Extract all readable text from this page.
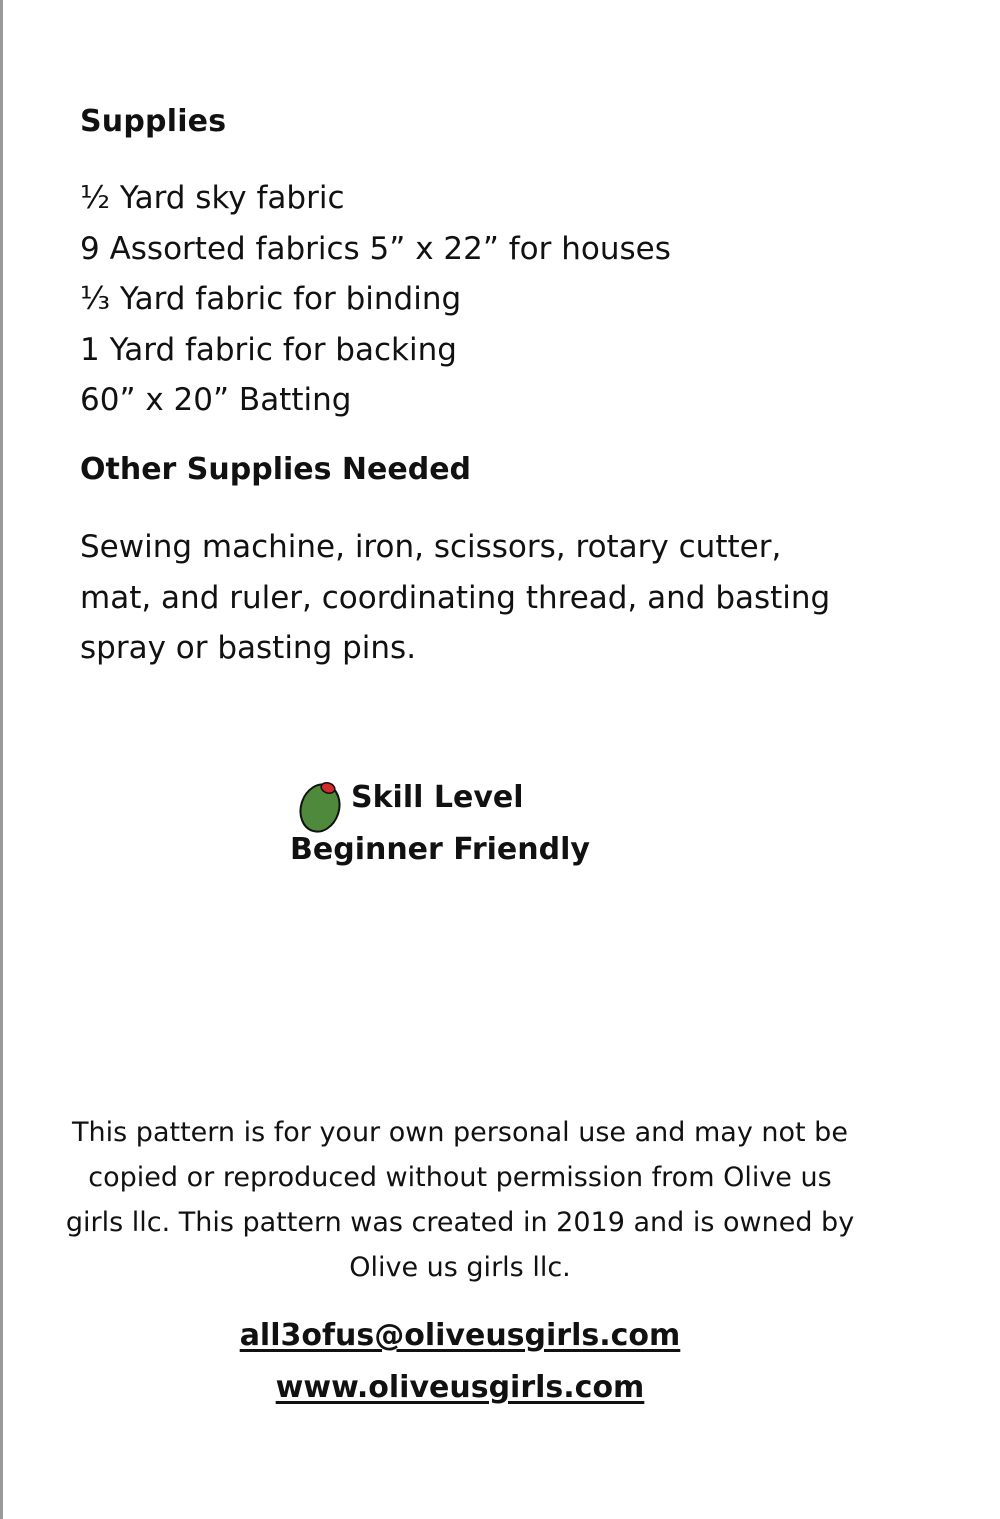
Supplies
½ Yard sky fabric
9 Assorted fabrics 5” x 22” for houses
⅓ Yard fabric for binding
1 Yard fabric for backing
60” x 20” Batting
Other Supplies Needed

Sewing machine, iron, scissors, rotary cutter, mat, and ruler, coordinating thread, and basting spray or basting pins.

Skill Level
Beginner Friendly

This pattern is for your own personal use and may not be copied or reproduced without permission from Olive us girls llc. This pattern was created in 2019 and is owned by Olive us girls llc.

all3ofus@oliveusgirls.com
www.oliveusgirls.com
